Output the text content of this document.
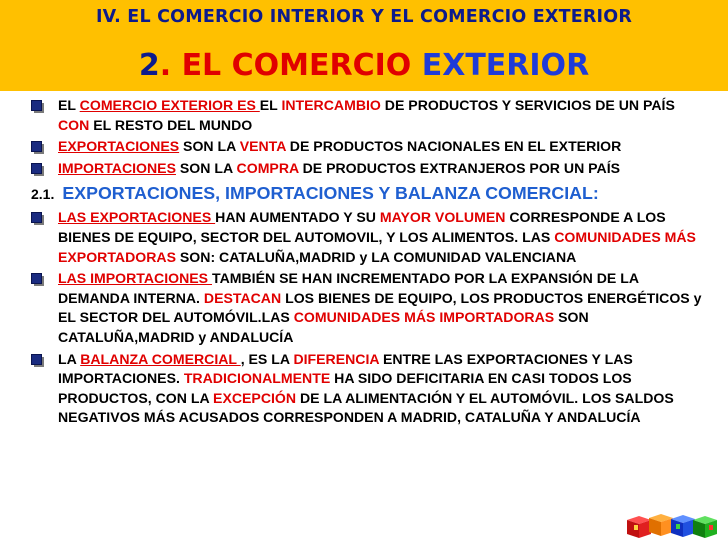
IV. EL COMERCIO INTERIOR Y EL COMERCIO EXTERIOR
2. EL COMERCIO EXTERIOR
EL COMERCIO EXTERIOR ES EL INTERCAMBIO DE PRODUCTOS Y SERVICIOS DE UN PAÍS CON EL RESTO DEL MUNDO
EXPORTACIONES SON LA VENTA DE PRODUCTOS NACIONALES EN EL EXTERIOR
IMPORTACIONES SON LA COMPRA DE PRODUCTOS EXTRANJEROS POR UN PAÍS
2.1. EXPORTACIONES, IMPORTACIONES Y BALANZA COMERCIAL:
LAS EXPORTACIONES HAN AUMENTADO Y SU MAYOR VOLUMEN CORRESPONDE A LOS BIENES DE EQUIPO, SECTOR DEL AUTOMOVIL, Y LOS ALIMENTOS. LAS COMUNIDADES MÁS EXPORTADORAS SON: CATALUÑA,MADRID y LA COMUNIDAD VALENCIANA
LAS IMPORTACIONES TAMBIÉN SE HAN INCREMENTADO POR LA EXPANSIÓN DE LA DEMANDA INTERNA. DESTACAN LOS BIENES DE EQUIPO, LOS PRODUCTOS ENERGÉTICOS y EL SECTOR DEL AUTOMÓVIL.LAS COMUNIDADES MÁS IMPORTADORAS SON CATALUÑA,MADRID y ANDALUCÍA
LA BALANZA COMERCIAL , ES LA DIFERENCIA ENTRE LAS EXPORTACIONES Y LAS IMPORTACIONES. TRADICIONALMENTE HA SIDO DEFICITARIA EN CASI TODOS LOS PRODUCTOS, CON LA EXCEPCIÓN DE LA ALIMENTACIÓN Y EL AUTOMÓVIL. LOS SALDOS NEGATIVOS MÁS ACUSADOS CORRESPONDEN A MADRID, CATALUÑA Y ANDALUCÍA
